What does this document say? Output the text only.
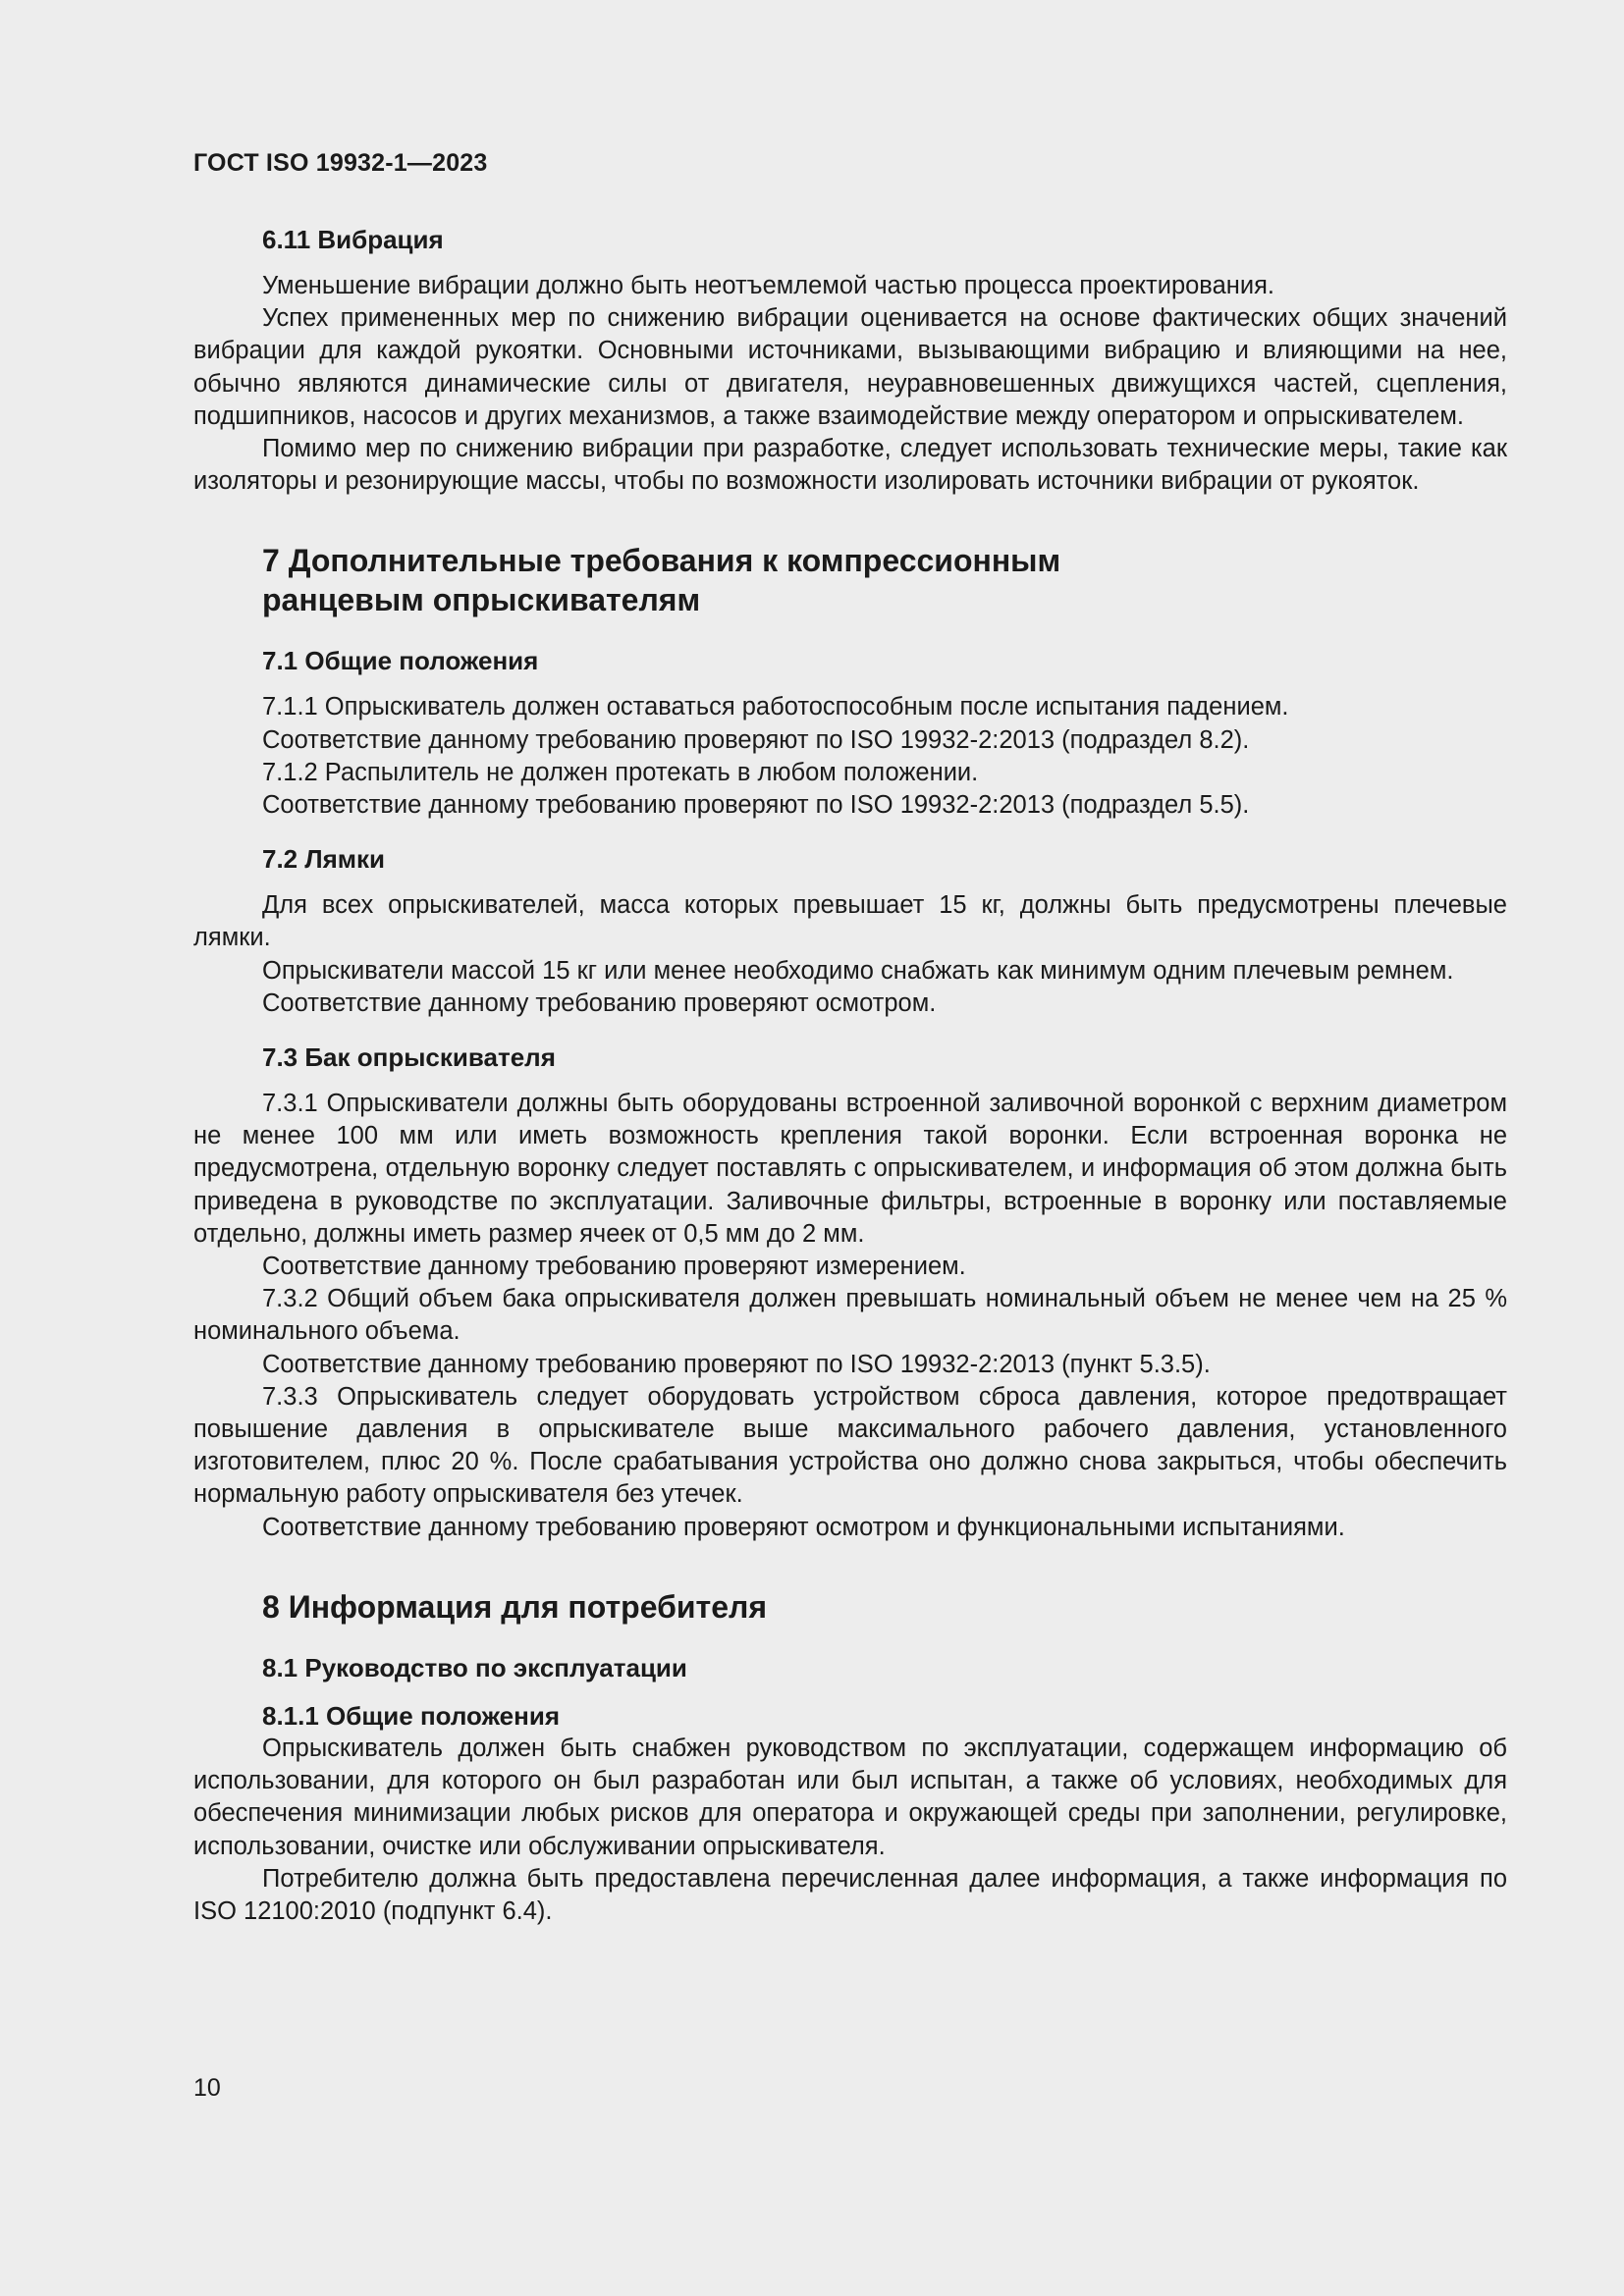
ГОСТ ISO 19932-1—2023
6.11 Вибрация

Уменьшение вибрации должно быть неотъемлемой частью процесса проектирования.

Успех примененных мер по снижению вибрации оценивается на основе фактических общих значений вибрации для каждой рукоятки. Основными источниками, вызывающими вибрацию и влияющими на нее, обычно являются динамические силы от двигателя, неуравновешенных движущихся частей, сцепления, подшипников, насосов и других механизмов, а также взаимодействие между оператором и опрыскивателем.

Помимо мер по снижению вибрации при разработке, следует использовать технические меры, такие как изоляторы и резонирующие массы, чтобы по возможности изолировать источники вибрации от рукояток.

7 Дополнительные требования к компрессионным
ранцевым опрыскивателям
7.1 Общие положения

7.1.1 Опрыскиватель должен оставаться работоспособным после испытания падением.

Соответствие данному требованию проверяют по ISO 19932-2:2013 (подраздел 8.2).

7.1.2 Распылитель не должен протекать в любом положении.

Соответствие данному требованию проверяют по ISO 19932-2:2013 (подраздел 5.5).

7.2 Лямки

Для всех опрыскивателей, масса которых превышает 15 кг, должны быть предусмотрены плечевые лямки.

Опрыскиватели массой 15 кг или менее необходимо снабжать как минимум одним плечевым ремнем.

Соответствие данному требованию проверяют осмотром.

7.3 Бак опрыскивателя

7.3.1 Опрыскиватели должны быть оборудованы встроенной заливочной воронкой с верхним диаметром не менее 100 мм или иметь возможность крепления такой воронки. Если встроенная воронка не предусмотрена, отдельную воронку следует поставлять с опрыскивателем, и информация об этом должна быть приведена в руководстве по эксплуатации. Заливочные фильтры, встроенные в воронку или поставляемые отдельно, должны иметь размер ячеек от 0,5 мм до 2 мм.

Соответствие данному требованию проверяют измерением.

7.3.2 Общий объем бака опрыскивателя должен превышать номинальный объем не менее чем на 25 % номинального объема.

Соответствие данному требованию проверяют по ISO 19932-2:2013 (пункт 5.3.5).

7.3.3 Опрыскиватель следует оборудовать устройством сброса давления, которое предотвращает повышение давления в опрыскивателе выше максимального рабочего давления, установленного изготовителем, плюс 20 %. После срабатывания устройства оно должно снова закрыться, чтобы обеспечить нормальную работу опрыскивателя без утечек.

Соответствие данному требованию проверяют осмотром и функциональными испытаниями.

8 Информация для потребителя
8.1 Руководство по эксплуатации
8.1.1 Общие положения

Опрыскиватель должен быть снабжен руководством по эксплуатации, содержащем информацию об использовании, для которого он был разработан или был испытан, а также об условиях, необходимых для обеспечения минимизации любых рисков для оператора и окружающей среды при заполнении, регулировке, использовании, очистке или обслуживании опрыскивателя.

Потребителю должна быть предоставлена перечисленная далее информация, а также информация по ISO 12100:2010 (подпункт 6.4).

10
